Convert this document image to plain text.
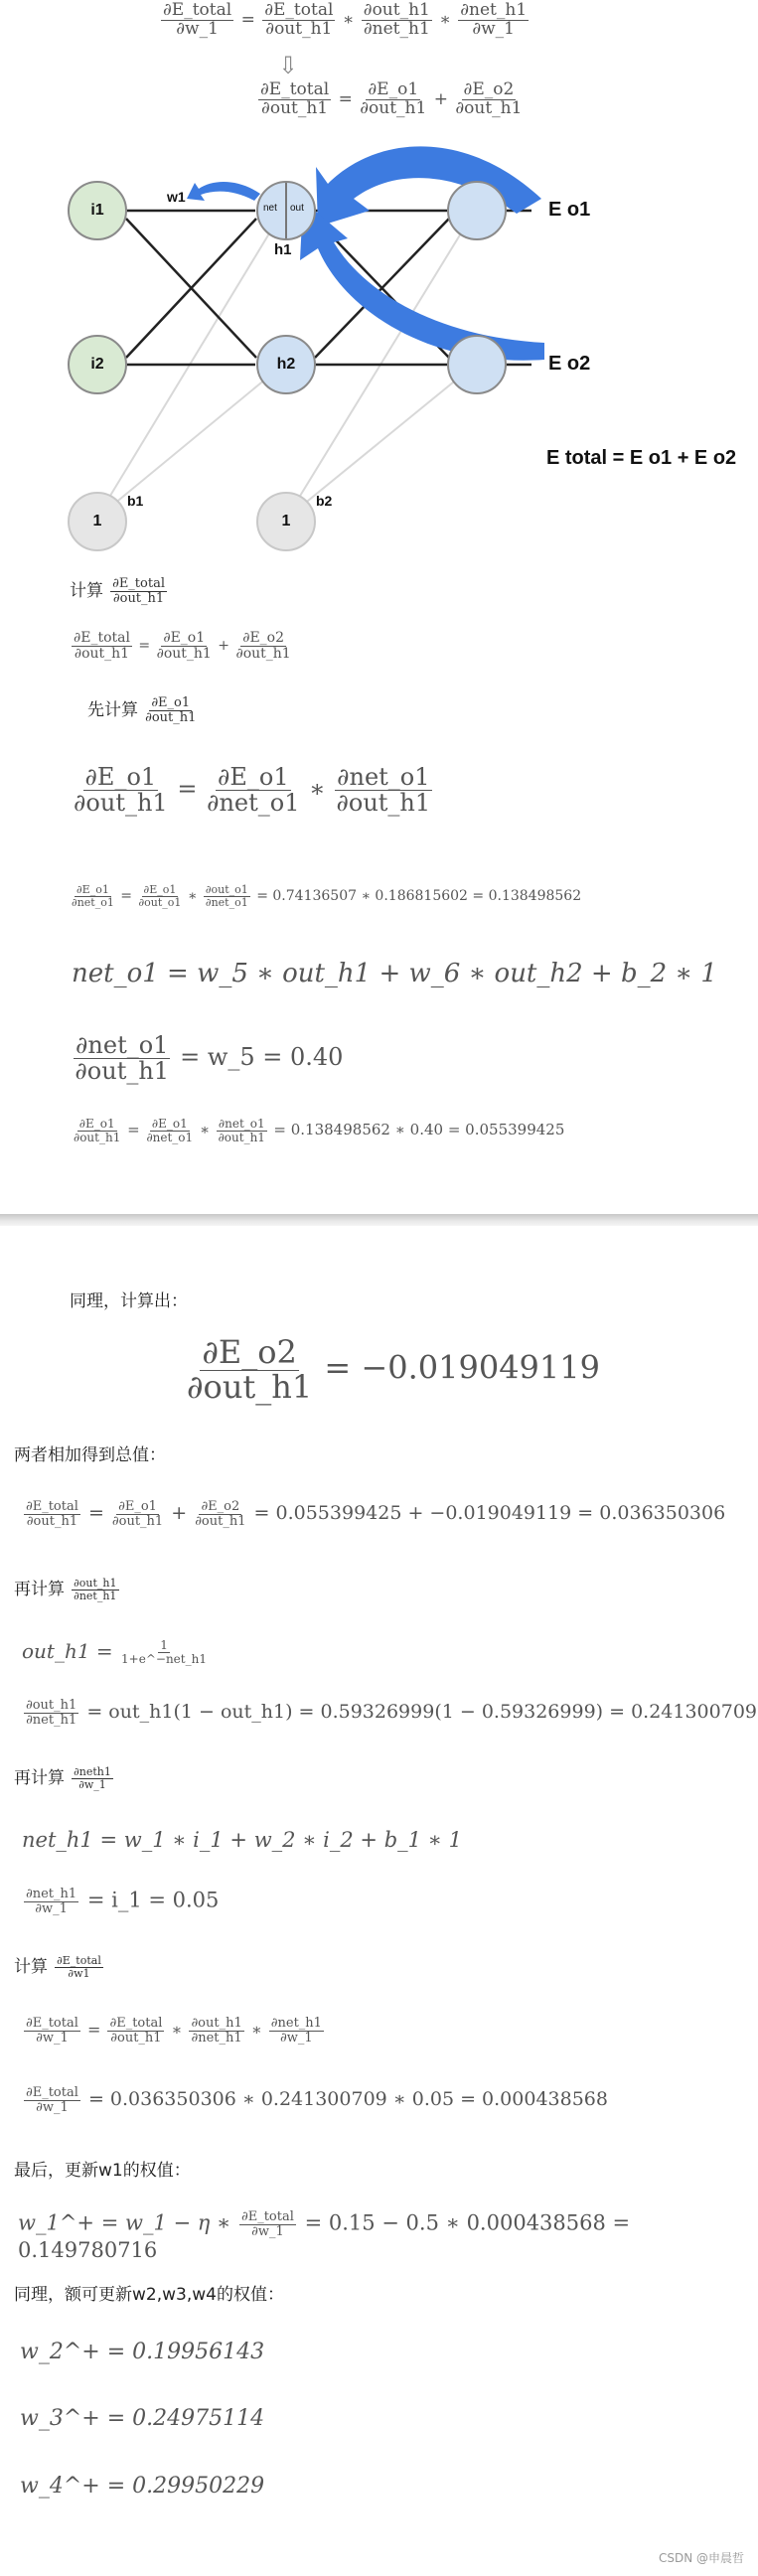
$\frac{\text{∂E\_total}}{\partial w\_1} = \frac{\text{∂E\_total}}{\text{∂out\_h1}}$ ∗ $\frac{\text{∂out\_h1}}{\text{∂net\_h1}}$ ∗ $\frac{\text{∂net\_h1}}{\partial w\_1}$
⇩
$\frac{\text{∂E\_total}}{\text{∂out\_h1}} = \frac{\partial E\_o1}{\text{∂out\_h1}} + \frac{\partial E\_o2}{\text{∂out\_h1}}$
i1
i2
net out
h1
h2
1	1
w1
b1	b2
E o1
E o2
E total = E o1 + E o2
计算 $\frac{\text{∂E\_total}}{\text{∂out\_h1}}$
$\frac{\text{∂E\_total}}{\text{∂out\_h1}} = \frac{\partial E\_o1}{\text{∂out\_h1}} + \frac{\partial E\_o2}{\text{∂out\_h1}}$
先计算 $\frac{\partial E\_o1}{\text{∂out\_h1}}$
$\frac{\partial E\_o1}{\text{∂out\_h1}} = \frac{\partial E\_o1}{\text{∂net\_o1}}$ ∗ $\frac{\text{∂net\_o1}}{\text{∂out\_h1}}$
$\frac{\partial E\_o1}{\text{∂net\_o1}} = \frac{\partial E\_o1}{\text{∂out\_o1}}$ ∗ $\frac{\text{∂out\_o1}}{\text{∂net\_o1}} = 0.74136507$ ∗ 0.186815602 = 0.138498562
net_o1 = w_5 ∗ out_h1 + w_6 ∗ out_h2 + b_2 ∗ 1
$\frac{\text{∂net\_o1}}{\text{∂out\_h1}}$ = w_5 = 0.40
$\frac{\partial E\_o1}{\text{∂out\_h1}} = \frac{\partial E\_o1}{\text{∂net\_o1}}$ ∗ $\frac{\text{∂net\_o1}}{\text{∂out\_h1}} = 0.138498562$ ∗ 0.40 = 0.055399425
同理，计算出：
$\frac{\partial E\_o2}{\text{∂out\_h1}} = -0.019049119$
两者相加得到总值：
$\frac{\text{∂E\_total}}{\text{∂out\_h1}} = \frac{\partial E\_o1}{\text{∂out\_h1}} + \frac{\partial E\_o2}{\text{∂out\_h1}} = 0.055399425 + -0.019049119 = 0.036350306$
再计算 $\frac{\text{∂out\_h1}}{\text{∂net\_h1}}$
out_h1 = $\frac{1}{\text{1+e\textasciicircum{}−net\_h1}}$
$\frac{\text{∂out\_h1}}{\text{∂net\_h1}}$ = out_h1(1 − out_h1) = 0.59326999(1 − 0.59326999) = 0.241300709
再计算 $\frac{\text{∂neth1}}{\partial w\_1}$
net_h1 = w_1 ∗ i_1 + w_2 ∗ i_2 + b_1 ∗ 1
$\frac{\text{∂net\_h1}}{\partial w\_1}$ = i_1 = 0.05
计算 $\frac{\text{∂E\_total}}{\partial w1}$
$\frac{\text{∂E\_total}}{\partial w\_1} = \frac{\text{∂E\_total}}{\text{∂out\_h1}}$ ∗ $\frac{\text{∂out\_h1}}{\text{∂net\_h1}}$ ∗ $\frac{\text{∂net\_h1}}{\partial w\_1}$
$\frac{\text{∂E\_total}}{\partial w\_1} = 0.036350306$ ∗ 0.241300709 ∗ 0.05 = 0.000438568
最后，更新w1的权值：
w_1^+ = w_1 − η ∗ $\frac{\text{∂E\_total}}{\partial w\_1} = 0.15 - 0.5$ ∗ 0.000438568 = 0.149780716
同理，额可更新w2,w3,w4的权值：
w_2^+ = 0.19956143
w_3^+ = 0.24975114
w_4^+ = 0.29950229
CSDN @申晨哲
